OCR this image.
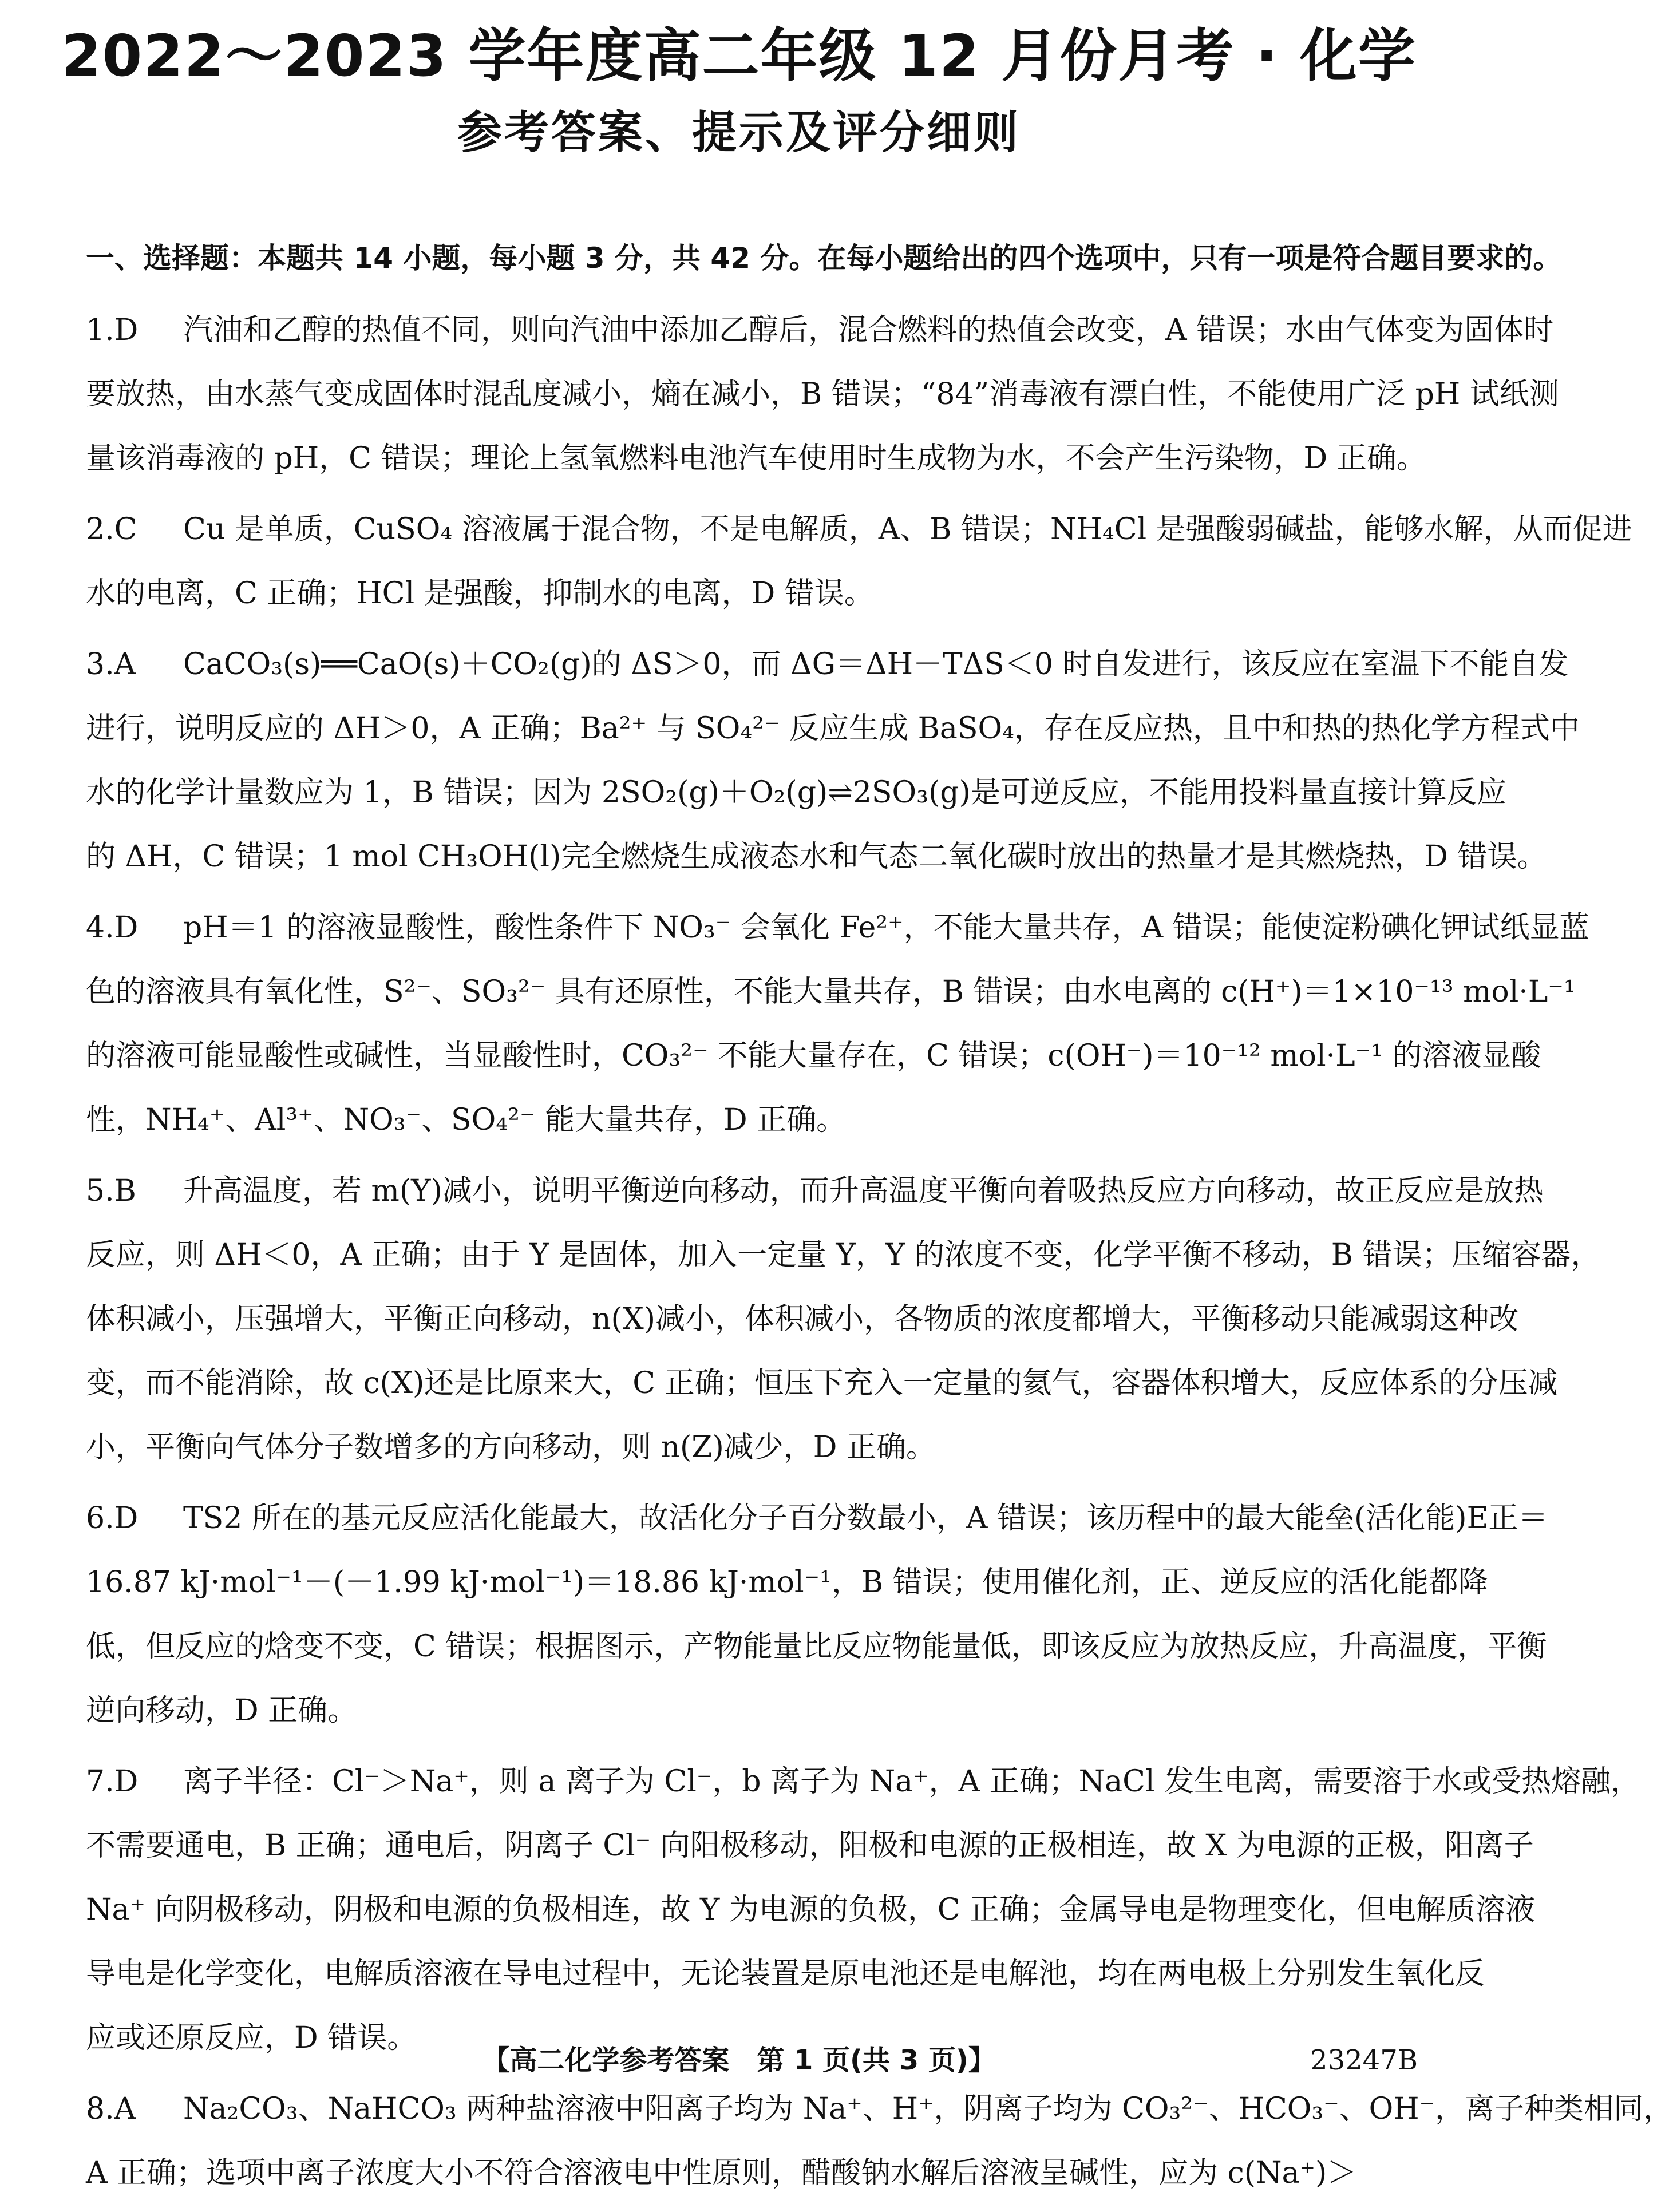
2022～2023 学年度高二年级 12 月份月考 · 化学
参考答案、提示及评分细则
一、选择题：本题共 14 小题，每小题 3 分，共 42 分。在每小题给出的四个选项中，只有一项是符合题目要求的。
1.D 汽油和乙醇的热值不同，则向汽油中添加乙醇后，混合燃料的热值会改变，A 错误；水由气体变为固体时
要放热，由水蒸气变成固体时混乱度减小，熵在减小，B 错误；“84”消毒液有漂白性，不能使用广泛 pH 试纸测
量该消毒液的 pH，C 错误；理论上氢氧燃料电池汽车使用时生成物为水，不会产生污染物，D 正确。
2.C Cu 是单质，CuSO₄ 溶液属于混合物，不是电解质，A、B 错误；NH₄Cl 是强酸弱碱盐，能够水解，从而促进
水的电离，C 正确；HCl 是强酸，抑制水的电离，D 错误。
3.A CaCO₃(s)══CaO(s)＋CO₂(g)的 ΔS＞0，而 ΔG＝ΔH－TΔS＜0 时自发进行，该反应在室温下不能自发
进行，说明反应的 ΔH＞0，A 正确；Ba²⁺ 与 SO₄²⁻ 反应生成 BaSO₄，存在反应热，且中和热的热化学方程式中
水的化学计量数应为 1，B 错误；因为 2SO₂(g)＋O₂(g)⇌2SO₃(g)是可逆反应，不能用投料量直接计算反应
的 ΔH，C 错误；1 mol CH₃OH(l)完全燃烧生成液态水和气态二氧化碳时放出的热量才是其燃烧热，D 错误。
4.D pH＝1 的溶液显酸性，酸性条件下 NO₃⁻ 会氧化 Fe²⁺，不能大量共存，A 错误；能使淀粉碘化钾试纸显蓝
色的溶液具有氧化性，S²⁻、SO₃²⁻ 具有还原性，不能大量共存，B 错误；由水电离的 c(H⁺)＝1×10⁻¹³ mol·L⁻¹
的溶液可能显酸性或碱性，当显酸性时，CO₃²⁻ 不能大量存在，C 错误；c(OH⁻)＝10⁻¹² mol·L⁻¹ 的溶液显酸
性，NH₄⁺、Al³⁺、NO₃⁻、SO₄²⁻ 能大量共存，D 正确。
5.B 升高温度，若 m(Y)减小，说明平衡逆向移动，而升高温度平衡向着吸热反应方向移动，故正反应是放热
反应，则 ΔH＜0，A 正确；由于 Y 是固体，加入一定量 Y，Y 的浓度不变，化学平衡不移动，B 错误；压缩容器，
体积减小，压强增大，平衡正向移动，n(X)减小，体积减小，各物质的浓度都增大，平衡移动只能减弱这种改
变，而不能消除，故 c(X)还是比原来大，C 正确；恒压下充入一定量的氦气，容器体积增大，反应体系的分压减
小，平衡向气体分子数增多的方向移动，则 n(Z)减少，D 正确。
6.D TS2 所在的基元反应活化能最大，故活化分子百分数最小，A 错误；该历程中的最大能垒(活化能)E正＝
16.87 kJ·mol⁻¹－(－1.99 kJ·mol⁻¹)＝18.86 kJ·mol⁻¹，B 错误；使用催化剂，正、逆反应的活化能都降
低，但反应的焓变不变，C 错误；根据图示，产物能量比反应物能量低，即该反应为放热反应，升高温度，平衡
逆向移动，D 正确。
7.D 离子半径：Cl⁻＞Na⁺，则 a 离子为 Cl⁻，b 离子为 Na⁺，A 正确；NaCl 发生电离，需要溶于水或受热熔融，
不需要通电，B 正确；通电后，阴离子 Cl⁻ 向阳极移动，阳极和电源的正极相连，故 X 为电源的正极，阳离子
Na⁺ 向阴极移动，阴极和电源的负极相连，故 Y 为电源的负极，C 正确；金属导电是物理变化，但电解质溶液
导电是化学变化，电解质溶液在导电过程中，无论装置是原电池还是电解池，均在两电极上分别发生氧化反
应或还原反应，D 错误。
8.A Na₂CO₃、NaHCO₃ 两种盐溶液中阳离子均为 Na⁺、H⁺，阴离子均为 CO₃²⁻、HCO₃⁻、OH⁻，离子种类相同，
A 正确；选项中离子浓度大小不符合溶液电中性原则，醋酸钠水解后溶液呈碱性，应为 c(Na⁺)＞
【高二化学参考答案　第 1 页(共 3 页)】	23247B
